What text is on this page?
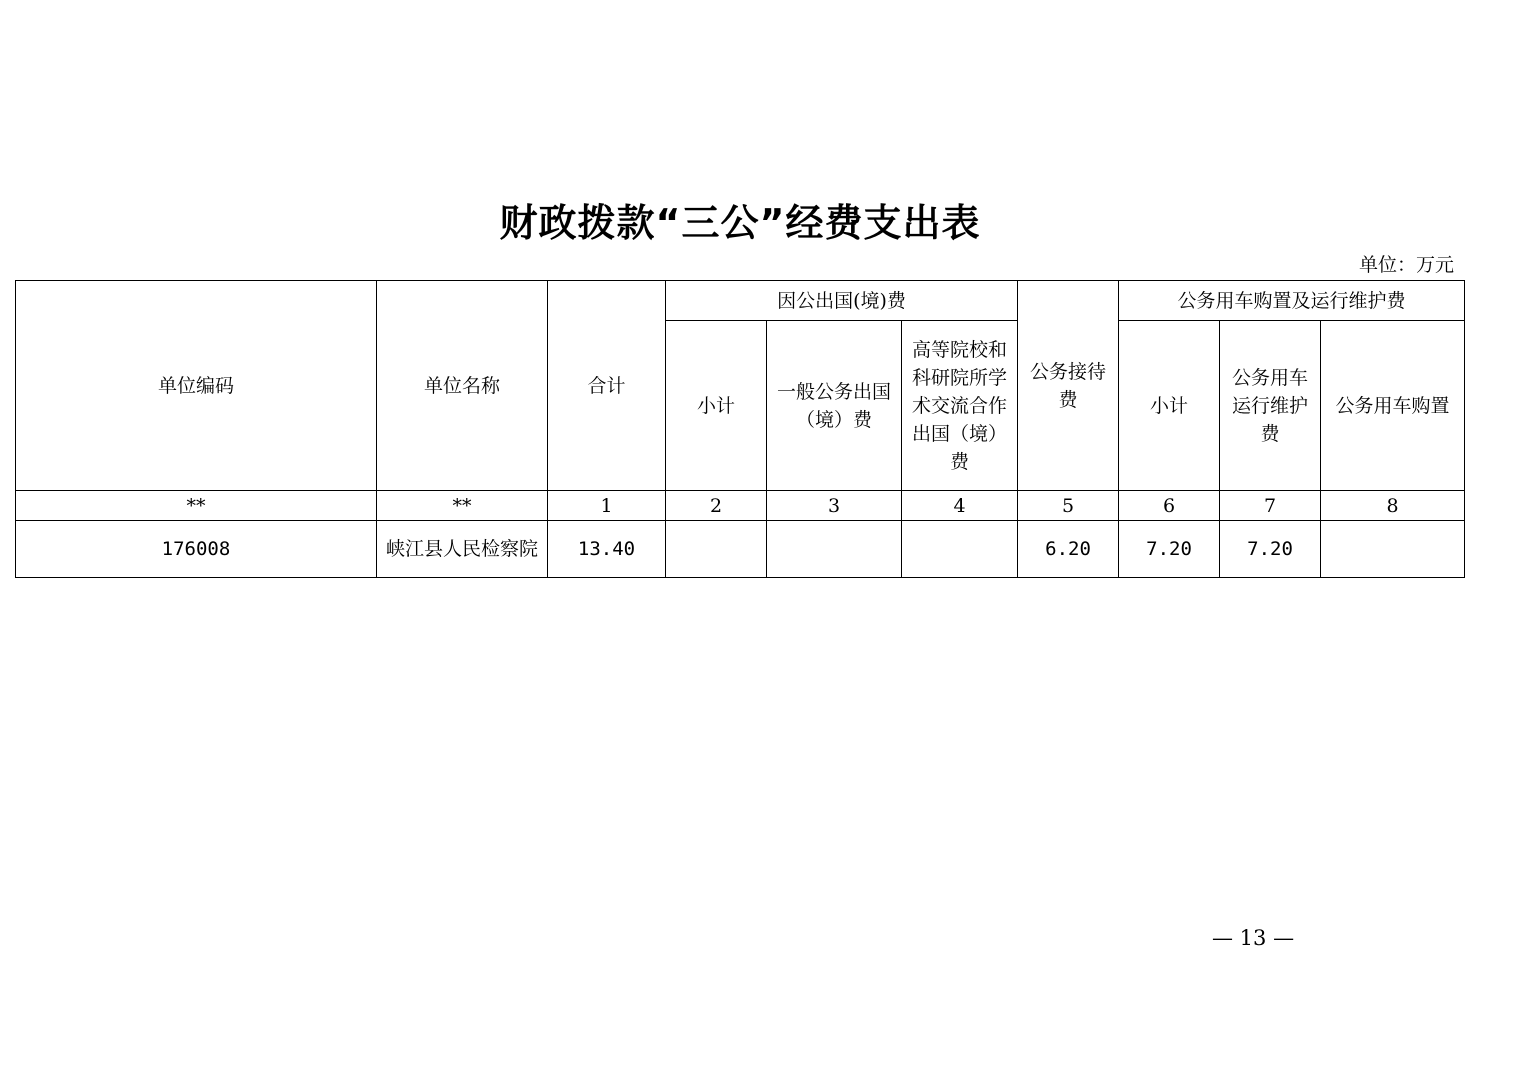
财政拨款“三公”经费支出表
单位：万元
单位编码	单位名称	合计	因公出国(境)费			公务接待费	公务用车购置及运行维护费		
			小计	一般公务出国（境）费	高等院校和科研院所学术交流合作出国（境）费		小计	公务用车运行维护费	公务用车购置
**	**	1	2	3	4	5	6	7	8
176008	峡江县人民检察院	13.40				6.20	7.20	7.20	
— 13 —
